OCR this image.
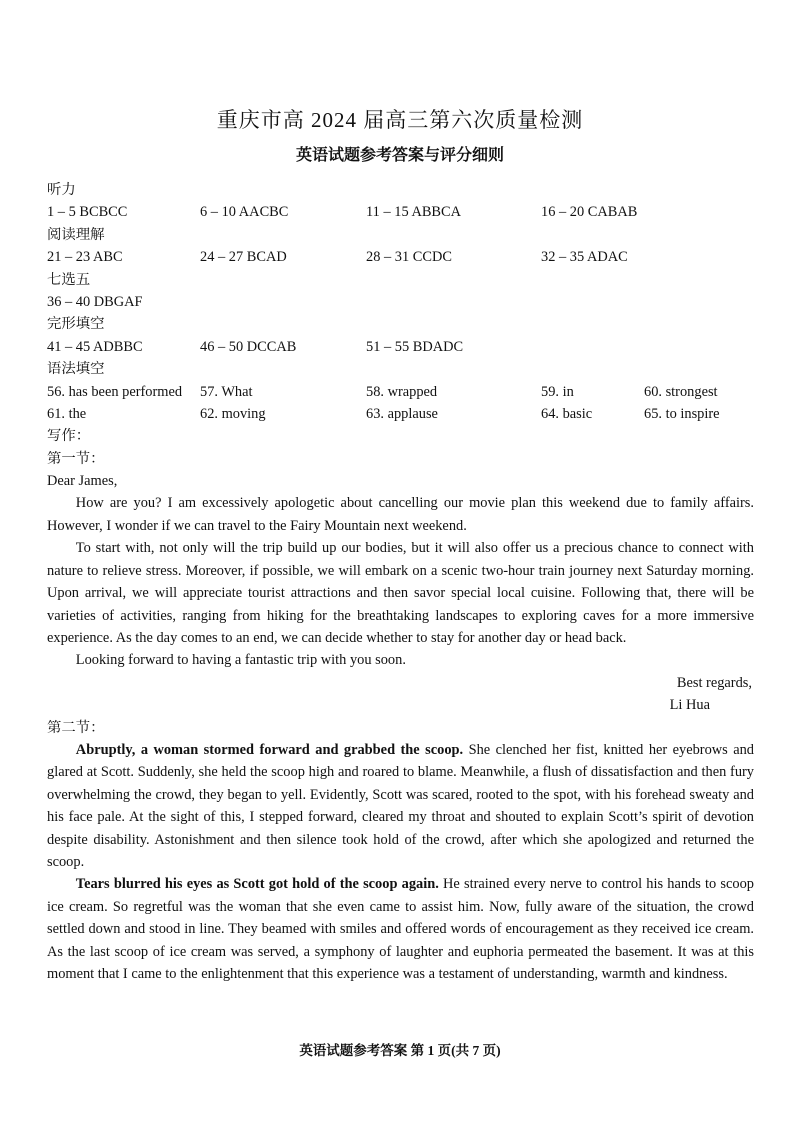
重庆市高 2024 届高三第六次质量检测
英语试题参考答案与评分细则
听力
1 – 5 BCBCC	6 – 10 AACBC	11 – 15 ABBCA	16 – 20 CABAB
阅读理解
21 – 23 ABC	24 – 27 BCAD	28 – 31 CCDC	32 – 35 ADAC
七选五
36 – 40 DBGAF
完形填空
41 – 45 ADBBC	46 – 50 DCCAB	51 – 55 BDADC
语法填空
56. has been performed 57. What	58. wrapped	59. in	60. strongest
61. the	62. moving	63. applause	64. basic	65. to inspire
写作：
第一节：
Dear James,

How are you? I am excessively apologetic about cancelling our movie plan this weekend due to family affairs. However, I wonder if we can travel to the Fairy Mountain next weekend.

To start with, not only will the trip build up our bodies, but it will also offer us a precious chance to connect with nature to relieve stress. Moreover, if possible, we will embark on a scenic two-hour train journey next Saturday morning. Upon arrival, we will appreciate tourist attractions and then savor special local cuisine. Following that, there will be varieties of activities, ranging from hiking for the breathtaking landscapes to exploring caves for a more immersive experience. As the day comes to an end, we can decide whether to stay for another day or head back.

Looking forward to having a fantastic trip with you soon.

Best regards,
Li Hua
第二节：

Abruptly, a woman stormed forward and grabbed the scoop. She clenched her fist, knitted her eyebrows and glared at Scott. Suddenly, she held the scoop high and roared to blame. Meanwhile, a flush of dissatisfaction and then fury overwhelming the crowd, they began to yell. Evidently, Scott was scared, rooted to the spot, with his forehead sweaty and his face pale. At the sight of this, I stepped forward, cleared my throat and shouted to explain Scott’s spirit of devotion despite disability. Astonishment and then silence took hold of the crowd, after which she apologized and returned the scoop.

Tears blurred his eyes as Scott got hold of the scoop again. He strained every nerve to control his hands to scoop ice cream. So regretful was the woman that she even came to assist him. Now, fully aware of the situation, the crowd settled down and stood in line. They beamed with smiles and offered words of encouragement as they received ice cream. As the last scoop of ice cream was served, a symphony of laughter and euphoria permeated the basement. It was at this moment that I came to the enlightenment that this experience was a testament of understanding, warmth and kindness.

英语试题参考答案 第 1 页(共 7 页)
